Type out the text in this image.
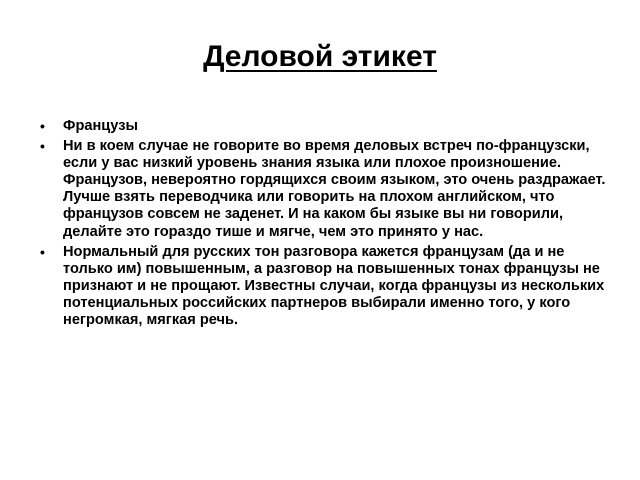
Деловой этикет
• Французы
• Ни в коем случае не говорите во время деловых встреч по-французски, если у вас низкий уровень знания языка или плохое произношение. Французов, невероятно гордящихся своим языком, это очень раздражает. Лучше взять переводчика или говорить на плохом английском, что французов совсем не заденет. И на каком бы языке вы ни говорили, делайте это гораздо тише и мягче, чем это принято у нас.
• Нормальный для русских тон разговора кажется французам (да и не только им) повышенным, а разговор на повышенных тонах французы не признают и не прощают. Известны случаи, когда французы из нескольких потенциальных российских партнеров выбирали именно того, у кого негромкая, мягкая речь.
